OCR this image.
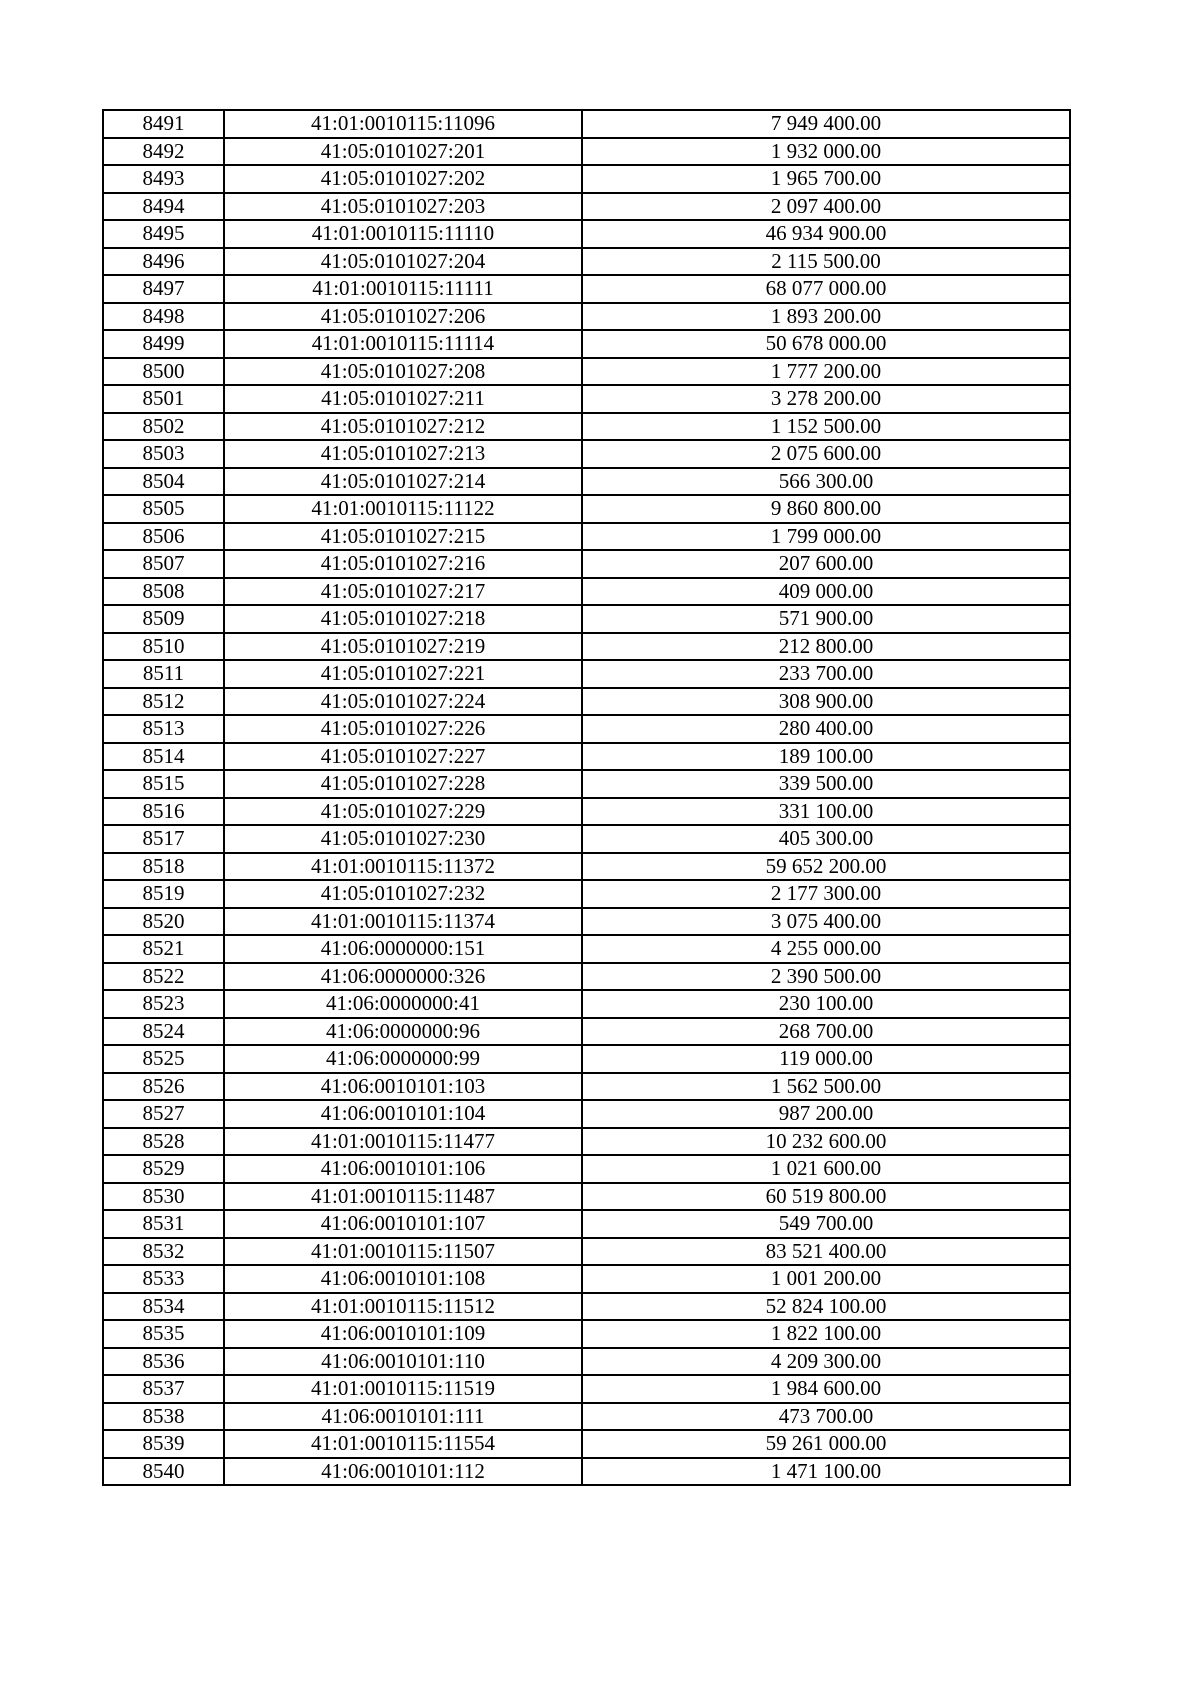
8491	41:01:0010115:11096	7 949 400.00
8492	41:05:0101027:201	1 932 000.00
8493	41:05:0101027:202	1 965 700.00
8494	41:05:0101027:203	2 097 400.00
8495	41:01:0010115:11110	46 934 900.00
8496	41:05:0101027:204	2 115 500.00
8497	41:01:0010115:11111	68 077 000.00
8498	41:05:0101027:206	1 893 200.00
8499	41:01:0010115:11114	50 678 000.00
8500	41:05:0101027:208	1 777 200.00
8501	41:05:0101027:211	3 278 200.00
8502	41:05:0101027:212	1 152 500.00
8503	41:05:0101027:213	2 075 600.00
8504	41:05:0101027:214	566 300.00
8505	41:01:0010115:11122	9 860 800.00
8506	41:05:0101027:215	1 799 000.00
8507	41:05:0101027:216	207 600.00
8508	41:05:0101027:217	409 000.00
8509	41:05:0101027:218	571 900.00
8510	41:05:0101027:219	212 800.00
8511	41:05:0101027:221	233 700.00
8512	41:05:0101027:224	308 900.00
8513	41:05:0101027:226	280 400.00
8514	41:05:0101027:227	189 100.00
8515	41:05:0101027:228	339 500.00
8516	41:05:0101027:229	331 100.00
8517	41:05:0101027:230	405 300.00
8518	41:01:0010115:11372	59 652 200.00
8519	41:05:0101027:232	2 177 300.00
8520	41:01:0010115:11374	3 075 400.00
8521	41:06:0000000:151	4 255 000.00
8522	41:06:0000000:326	2 390 500.00
8523	41:06:0000000:41	230 100.00
8524	41:06:0000000:96	268 700.00
8525	41:06:0000000:99	119 000.00
8526	41:06:0010101:103	1 562 500.00
8527	41:06:0010101:104	987 200.00
8528	41:01:0010115:11477	10 232 600.00
8529	41:06:0010101:106	1 021 600.00
8530	41:01:0010115:11487	60 519 800.00
8531	41:06:0010101:107	549 700.00
8532	41:01:0010115:11507	83 521 400.00
8533	41:06:0010101:108	1 001 200.00
8534	41:01:0010115:11512	52 824 100.00
8535	41:06:0010101:109	1 822 100.00
8536	41:06:0010101:110	4 209 300.00
8537	41:01:0010115:11519	1 984 600.00
8538	41:06:0010101:111	473 700.00
8539	41:01:0010115:11554	59 261 000.00
8540	41:06:0010101:112	1 471 100.00
